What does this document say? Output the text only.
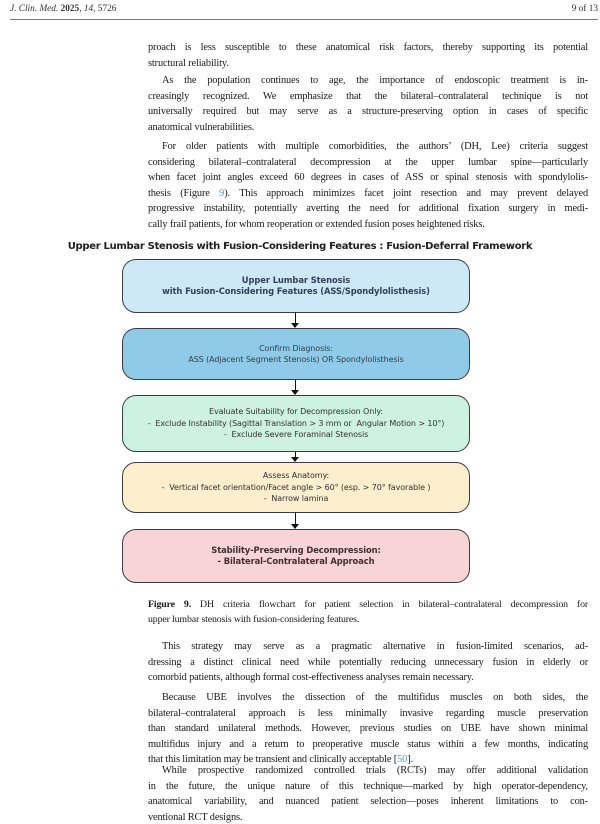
J. Clin. Med. 2025, 14, 5726	9 of 13
proach is less susceptible to these anatomical risk factors, thereby supporting its potential
structural reliability.
As the population continues to age, the importance of endoscopic treatment is in-
creasingly recognized. We emphasize that the bilateral–contralateral technique is not
universally required but may serve as a structure-preserving option in cases of specific
anatomical vulnerabilities.
For older patients with multiple comorbidities, the authors’ (DH, Lee) criteria suggest
considering bilateral–contralateral decompression at the upper lumbar spine—particularly
when facet joint angles exceed 60 degrees in cases of ASS or spinal stenosis with spondylolis-
thesis (Figure 9). This approach minimizes facet joint resection and may prevent delayed
progressive instability, potentially averting the need for additional fixation surgery in medi-
cally frail patients, for whom reoperation or extended fusion poses heightened risks.
Upper Lumbar Stenosis with Fusion-Considering Features : Fusion-Deferral Framework
Upper Lumbar Stenosis
with Fusion-Considering Features (ASS/Spondylolisthesis)
Confirm Diagnosis:
ASS (Adjacent Segment Stenosis) OR Spondylolisthesis
Evaluate Suitability for Decompression Only:
-  Exclude Instability (Sagittal Translation > 3 mm or  Angular Motion > 10°)
-  Exclude Severe Foraminal Stenosis
Assess Anatomy:
-  Vertical facet orientation/Facet angle > 60° (esp. > 70° favorable )
-  Narrow lamina
Stability-Preserving Decompression:
- Bilateral-Contralateral Approach
Figure 9. DH criteria flowchart for patient selection in bilateral–contralateral decompression for
upper lumbar stenosis with fusion-considering features.
This strategy may serve as a pragmatic alternative in fusion-limited scenarios, ad-
dressing a distinct clinical need while potentially reducing unnecessary fusion in elderly or
comorbid patients, although formal cost-effectiveness analyses remain necessary.
Because UBE involves the dissection of the multifidus muscles on both sides, the
bilateral–contralateral approach is less minimally invasive regarding muscle preservation
than standard unilateral methods. However, previous studies on UBE have shown minimal
multifidus injury and a return to preoperative muscle status within a few months, indicating
that this limitation may be transient and clinically acceptable [50].
While prospective randomized controlled trials (RCTs) may offer additional validation
in the future, the unique nature of this technique—marked by high operator-dependency,
anatomical variability, and nuanced patient selection—poses inherent limitations to con-
ventional RCT designs.
